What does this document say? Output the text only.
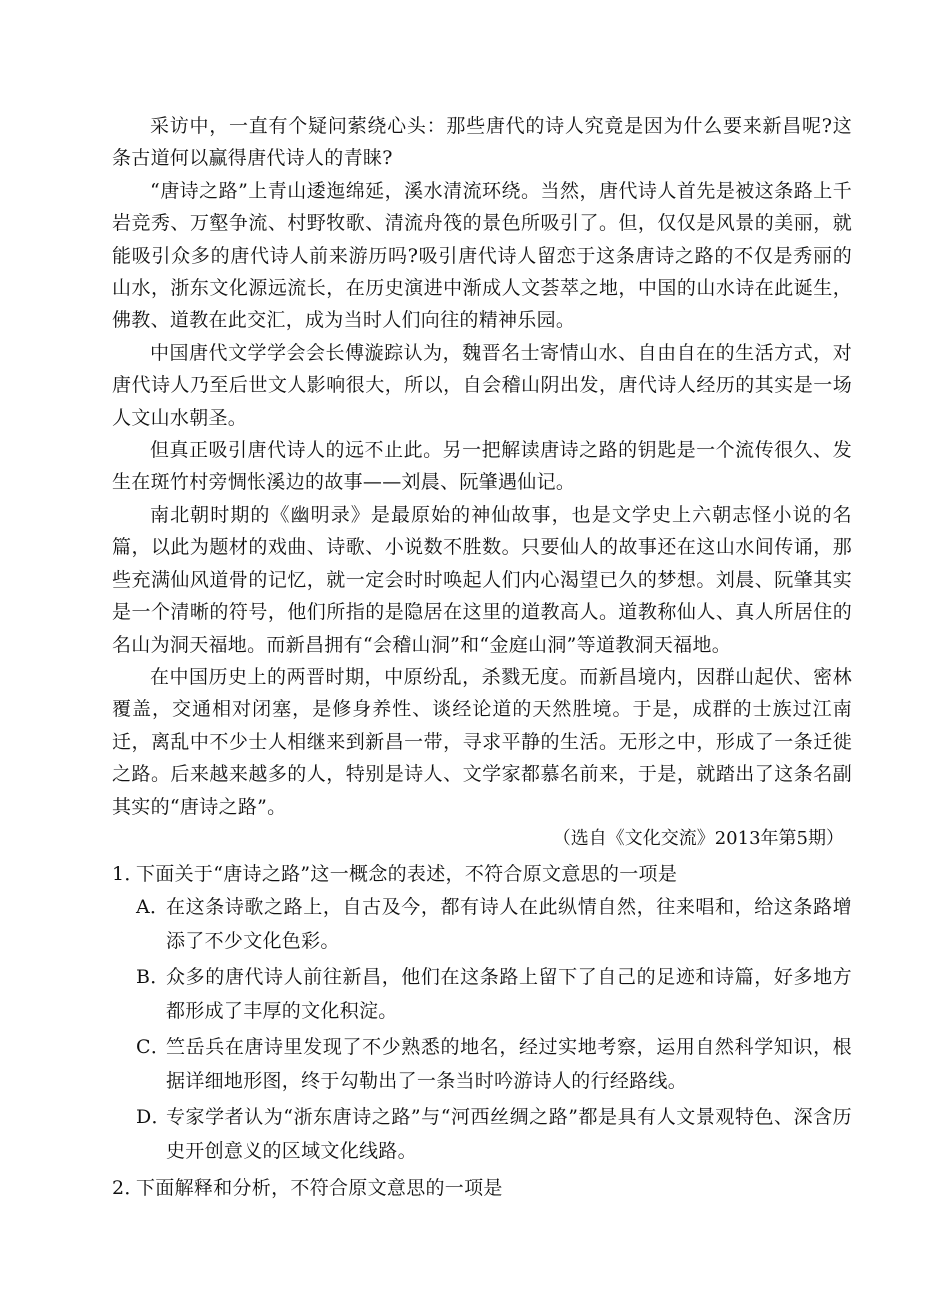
采访中，一直有个疑问萦绕心头：那些唐代的诗人究竟是因为什么要来新昌呢?这条古道何以赢得唐代诗人的青睐?

“唐诗之路”上青山逶迤绵延，溪水清流环绕。当然，唐代诗人首先是被这条路上千岩竞秀、万壑争流、村野牧歌、清流舟筏的景色所吸引了。但，仅仅是风景的美丽，就能吸引众多的唐代诗人前来游历吗?吸引唐代诗人留恋于这条唐诗之路的不仅是秀丽的山水，浙东文化源远流长，在历史演进中渐成人文荟萃之地，中国的山水诗在此诞生，佛教、道教在此交汇，成为当时人们向往的精神乐园。

中国唐代文学学会会长傅漩踪认为，魏晋名士寄情山水、自由自在的生活方式，对唐代诗人乃至后世文人影响很大，所以，自会稽山阴出发，唐代诗人经历的其实是一场人文山水朝圣。

但真正吸引唐代诗人的远不止此。另一把解读唐诗之路的钥匙是一个流传很久、发生在斑竹村旁惆怅溪边的故事——刘晨、阮肇遇仙记。

南北朝时期的《幽明录》是最原始的神仙故事，也是文学史上六朝志怪小说的名篇，以此为题材的戏曲、诗歌、小说数不胜数。只要仙人的故事还在这山水间传诵，那些充满仙风道骨的记忆，就一定会时时唤起人们内心渴望已久的梦想。刘晨、阮肇其实是一个清晰的符号，他们所指的是隐居在这里的道教高人。道教称仙人、真人所居住的名山为洞天福地。而新昌拥有“会稽山洞”和“金庭山洞”等道教洞天福地。

在中国历史上的两晋时期，中原纷乱，杀戮无度。而新昌境内，因群山起伏、密林覆盖，交通相对闭塞，是修身养性、谈经论道的天然胜境。于是，成群的士族过江南迁，离乱中不少士人相继来到新昌一带，寻求平静的生活。无形之中，形成了一条迁徙之路。后来越来越多的人，特别是诗人、文学家都慕名前来，于是，就踏出了这条名副其实的“唐诗之路”。

（选自《文化交流》2013年第5期）

1．
下面关于“唐诗之路”这一概念的表述，不符合原文意思的一项是

A．
在这条诗歌之路上，自古及今，都有诗人在此纵情自然，往来唱和，给这条路增添了不少文化色彩。

B．
众多的唐代诗人前往新昌，他们在这条路上留下了自己的足迹和诗篇，好多地方都形成了丰厚的文化积淀。

C．
竺岳兵在唐诗里发现了不少熟悉的地名，经过实地考察，运用自然科学知识，根据详细地形图，终于勾勒出了一条当时吟游诗人的行经路线。

D．
专家学者认为“浙东唐诗之路”与“河西丝绸之路”都是具有人文景观特色、深含历史开创意义的区域文化线路。

2．
下面解释和分析，不符合原文意思的一项是
